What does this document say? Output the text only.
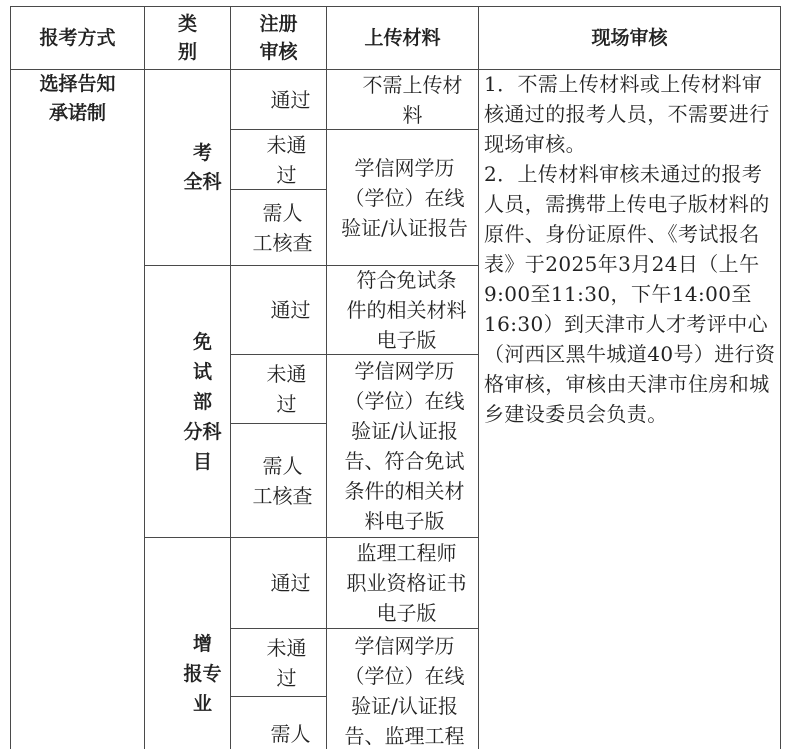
报考方式
类
别
注册
审核
上传材料	现场审核
选择告知
承诺制
考
全科
通过
未通
过
需人
工核查
不需上传材
料
学信网学历
（学位）在线
验证/认证报告
免
试
部
分科目
通过
未通
过
需人
工核查
符合免试条
件的相关材料
电子版
学信网学历
（学位）在线
验证/认证报
告、符合免试
条件的相关材
料电子版
增
报专业
通过
未通
过
需人
监理工程师
职业资格证书
电子版
学信网学历
（学位）在线
验证/认证报
告、监理工程
1．不需上传材料或上传材料审核通过的报考人员，不需要进行现场审核。
2．上传材料审核未通过的报考人员，需携带上传电子版材料的原件、身份证原件、《考试报名表》于2025年3月24日（上午9:00至11:30，下午14:00至16:30）到天津市人才考评中心（河西区黑牛城道40号）进行资格审核，审核由天津市住房和城乡建设委员会负责。
